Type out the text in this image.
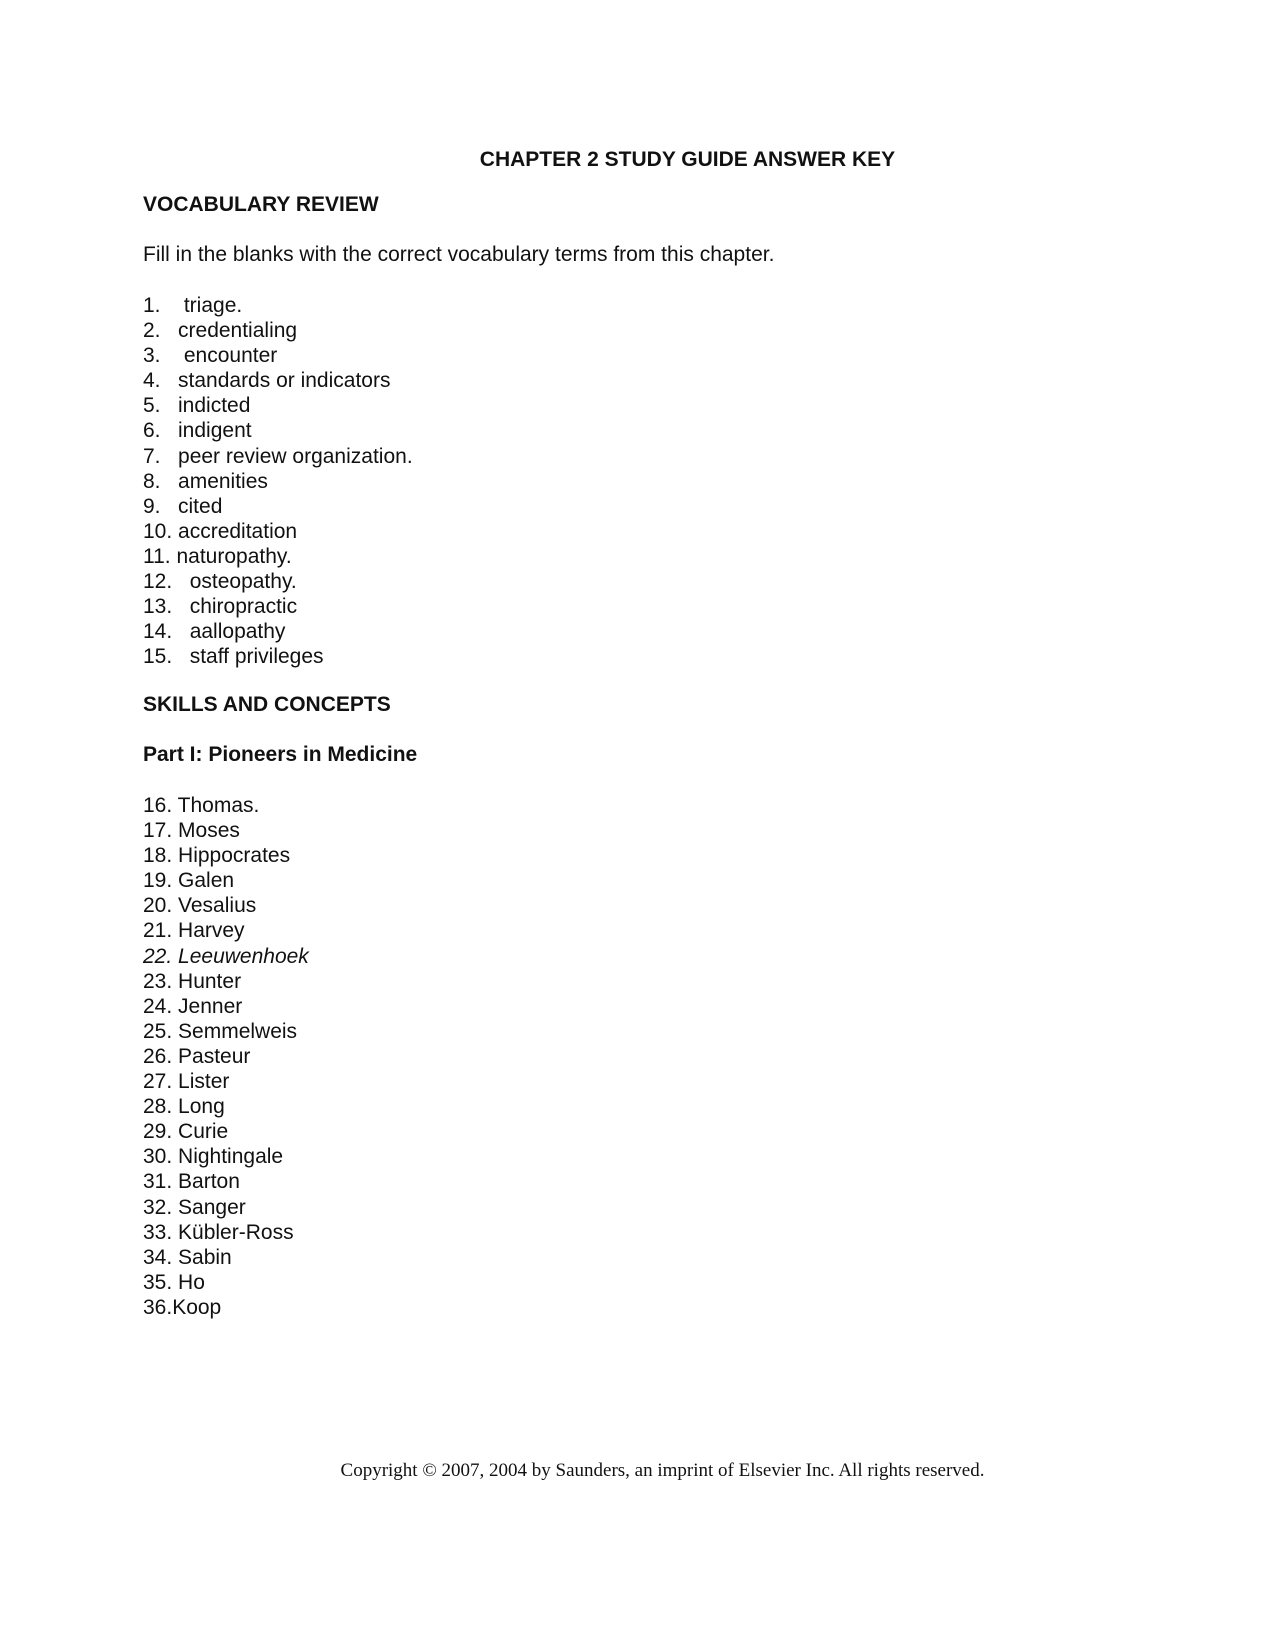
CHAPTER 2 STUDY GUIDE ANSWER KEY
VOCABULARY REVIEW
Fill in the blanks with the correct vocabulary terms from this chapter.
1.    triage.
2.   credentialing
3.    encounter
4.   standards or indicators
5.   indicted
6.   indigent
7.   peer review organization.
8.   amenities
9.   cited
10. accreditation
11. naturopathy.
12.   osteopathy.
13.   chiropractic
14.   aallopathy
15.   staff privileges
SKILLS AND CONCEPTS
Part I: Pioneers in Medicine
16. Thomas.
17. Moses
18. Hippocrates
19. Galen
20. Vesalius
21. Harvey
22. Leeuwenhoek
23. Hunter
24. Jenner
25. Semmelweis
26. Pasteur
27. Lister
28. Long
29. Curie
30. Nightingale
31. Barton
32. Sanger
33. Kübler-Ross
34. Sabin
35. Ho
36.Koop
Copyright © 2007, 2004 by Saunders, an imprint of Elsevier Inc. All rights reserved.
